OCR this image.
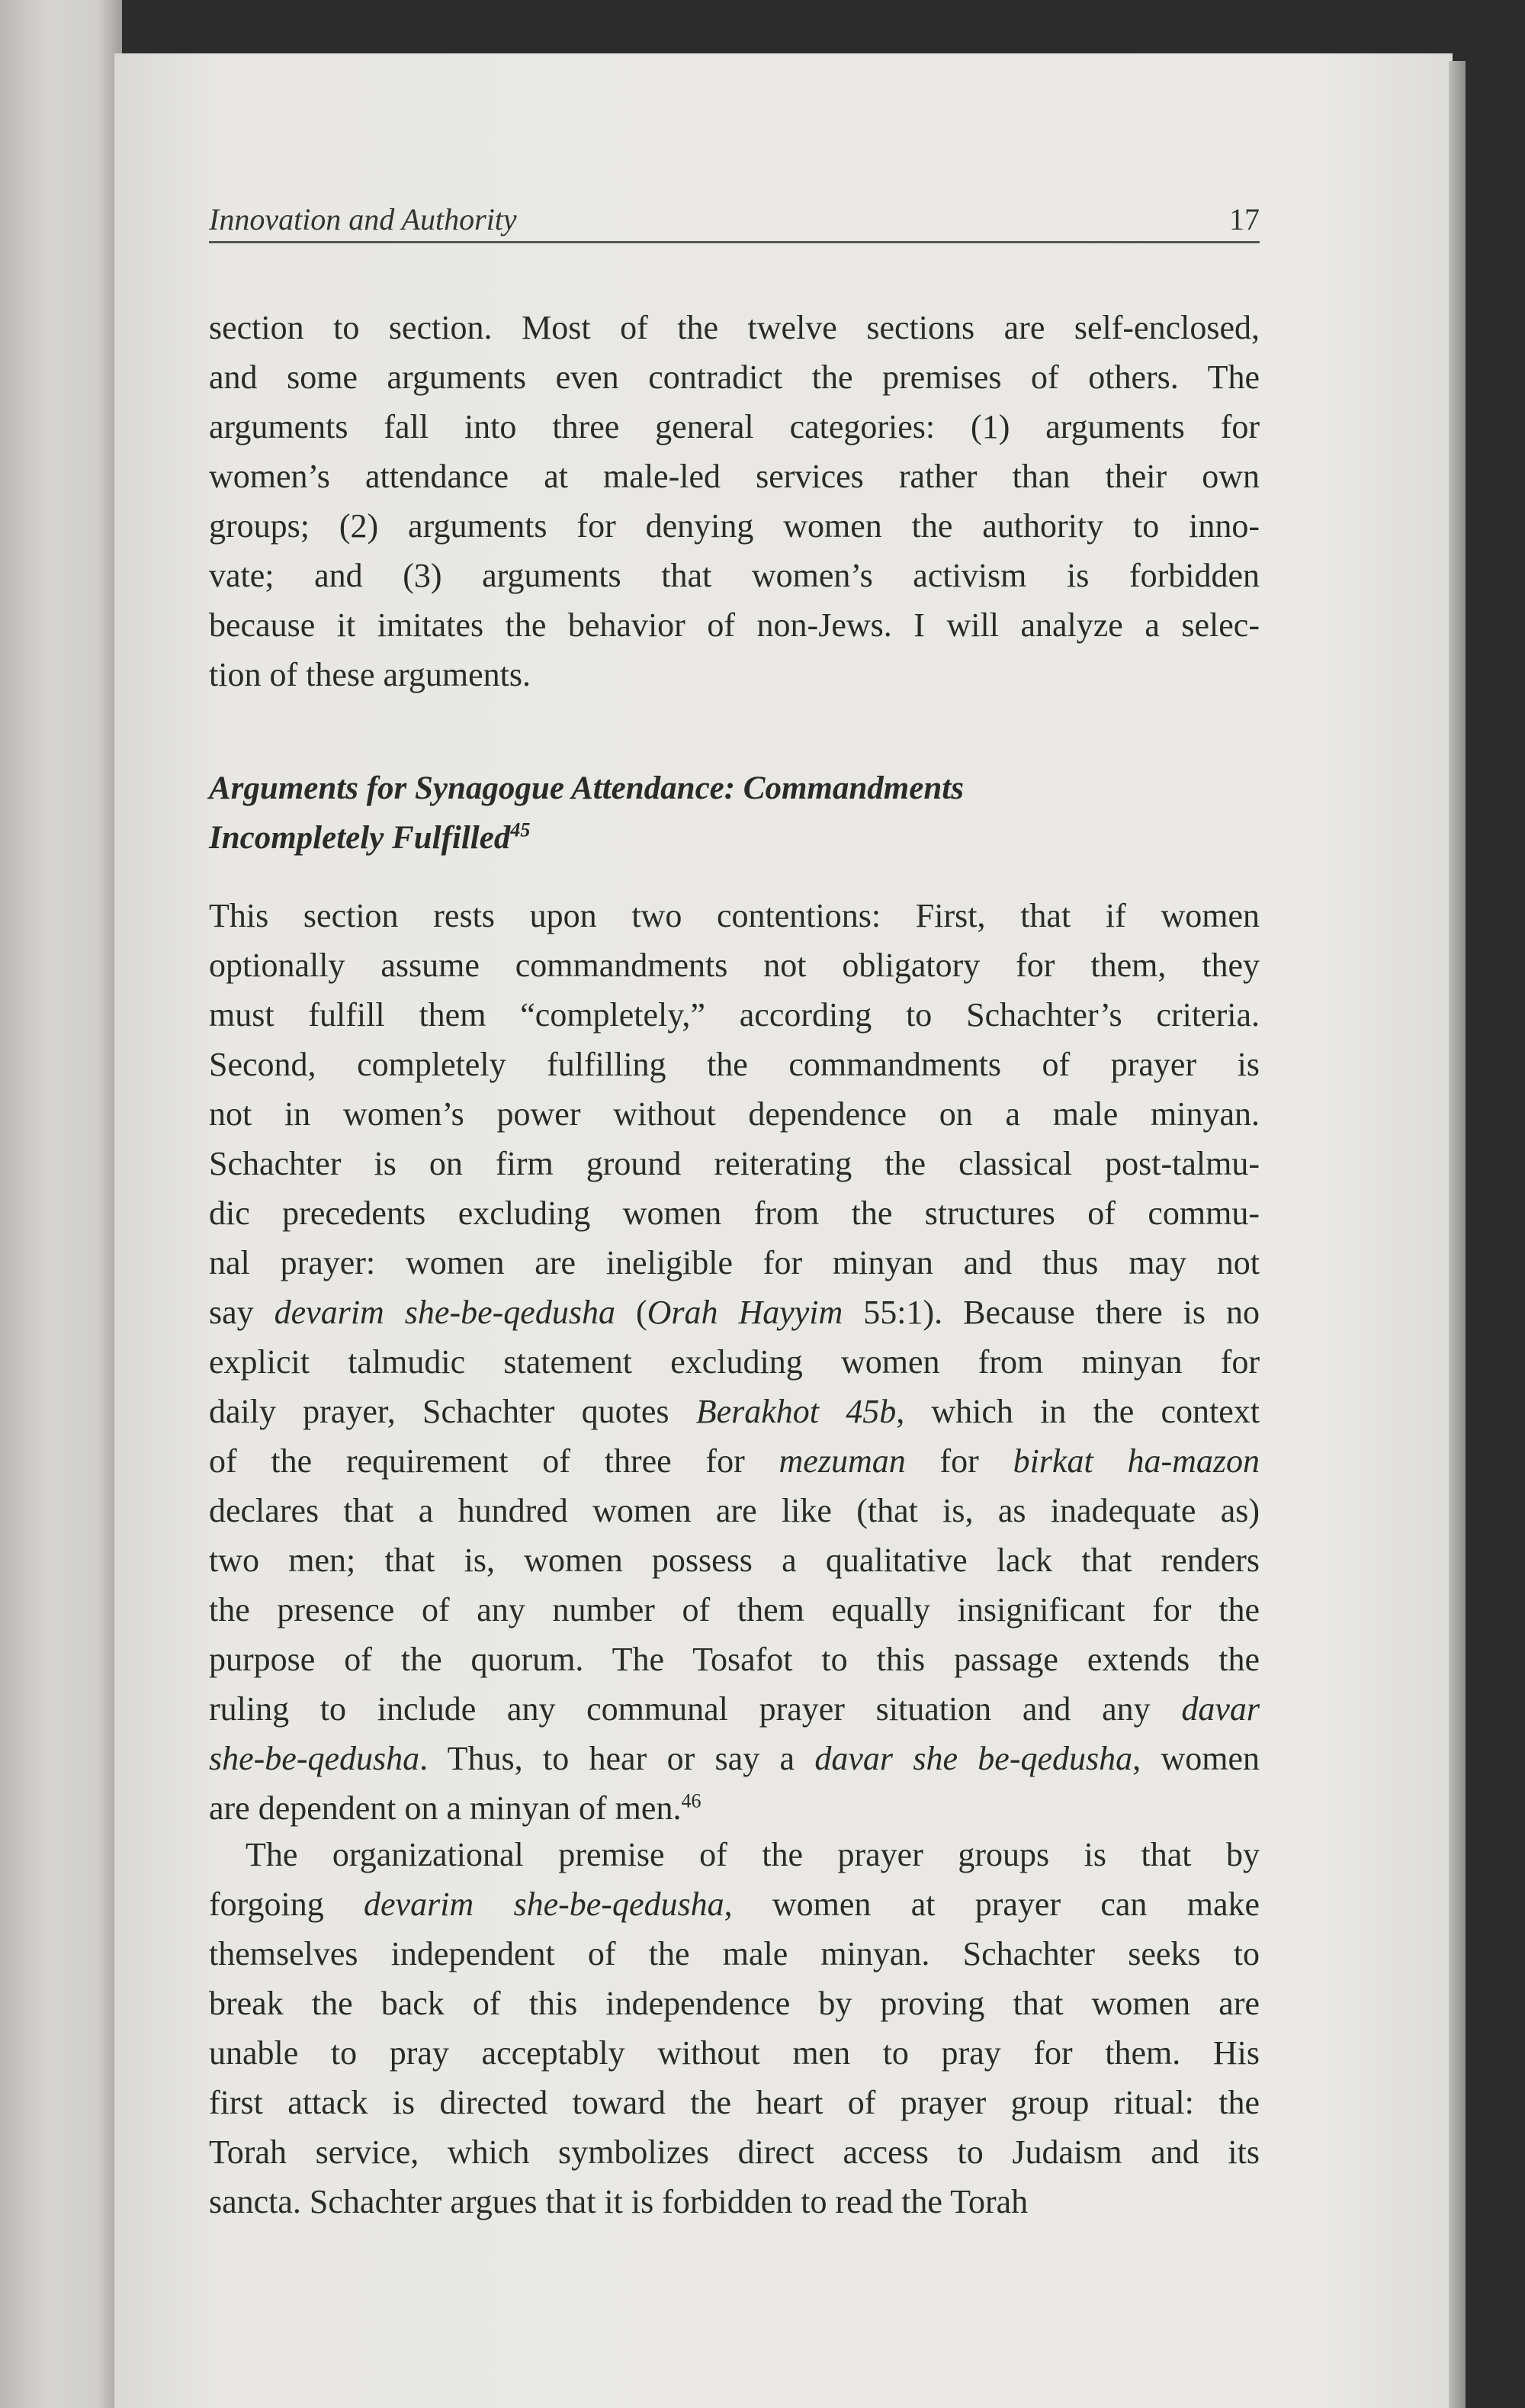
Innovation and Authority	17
section to section. Most of the twelve sections are self-enclosed,
and some arguments even contradict the premises of others. The
arguments fall into three general categories: (1) arguments for
women’s attendance at male-led services rather than their own
groups; (2) arguments for denying women the authority to inno-
vate; and (3) arguments that women’s activism is forbidden
because it imitates the behavior of non-Jews. I will analyze a selec-
tion of these arguments.
Arguments for Synagogue Attendance: Commandments
Incompletely Fulfilled$^{45}$
This section rests upon two contentions: First, that if women
optionally assume commandments not obligatory for them, they
must fulfill them “completely,” according to Schachter’s criteria.
Second, completely fulfilling the commandments of prayer is
not in women’s power without dependence on a male minyan.
Schachter is on firm ground reiterating the classical post-talmu-
dic precedents excluding women from the structures of commu-
nal prayer: women are ineligible for minyan and thus may not
say devarim she-be-qedusha (Orah Hayyim 55:1). Because there is no
explicit talmudic statement excluding women from minyan for
daily prayer, Schachter quotes Berakhot 45b, which in the context
of the requirement of three for mezuman for birkat ha-mazon
declares that a hundred women are like (that is, as inadequate as)
two men; that is, women possess a qualitative lack that renders
the presence of any number of them equally insignificant for the
purpose of the quorum. The Tosafot to this passage extends the
ruling to include any communal prayer situation and any davar
she-be-qedusha. Thus, to hear or say a davar she be-qedusha, women
are dependent on a minyan of men.$^{46}$
The organizational premise of the prayer groups is that by
forgoing devarim she-be-qedusha, women at prayer can make
themselves independent of the male minyan. Schachter seeks to
break the back of this independence by proving that women are
unable to pray acceptably without men to pray for them. His
first attack is directed toward the heart of prayer group ritual: the
Torah service, which symbolizes direct access to Judaism and its
sancta. Schachter argues that it is forbidden to read the Torah
